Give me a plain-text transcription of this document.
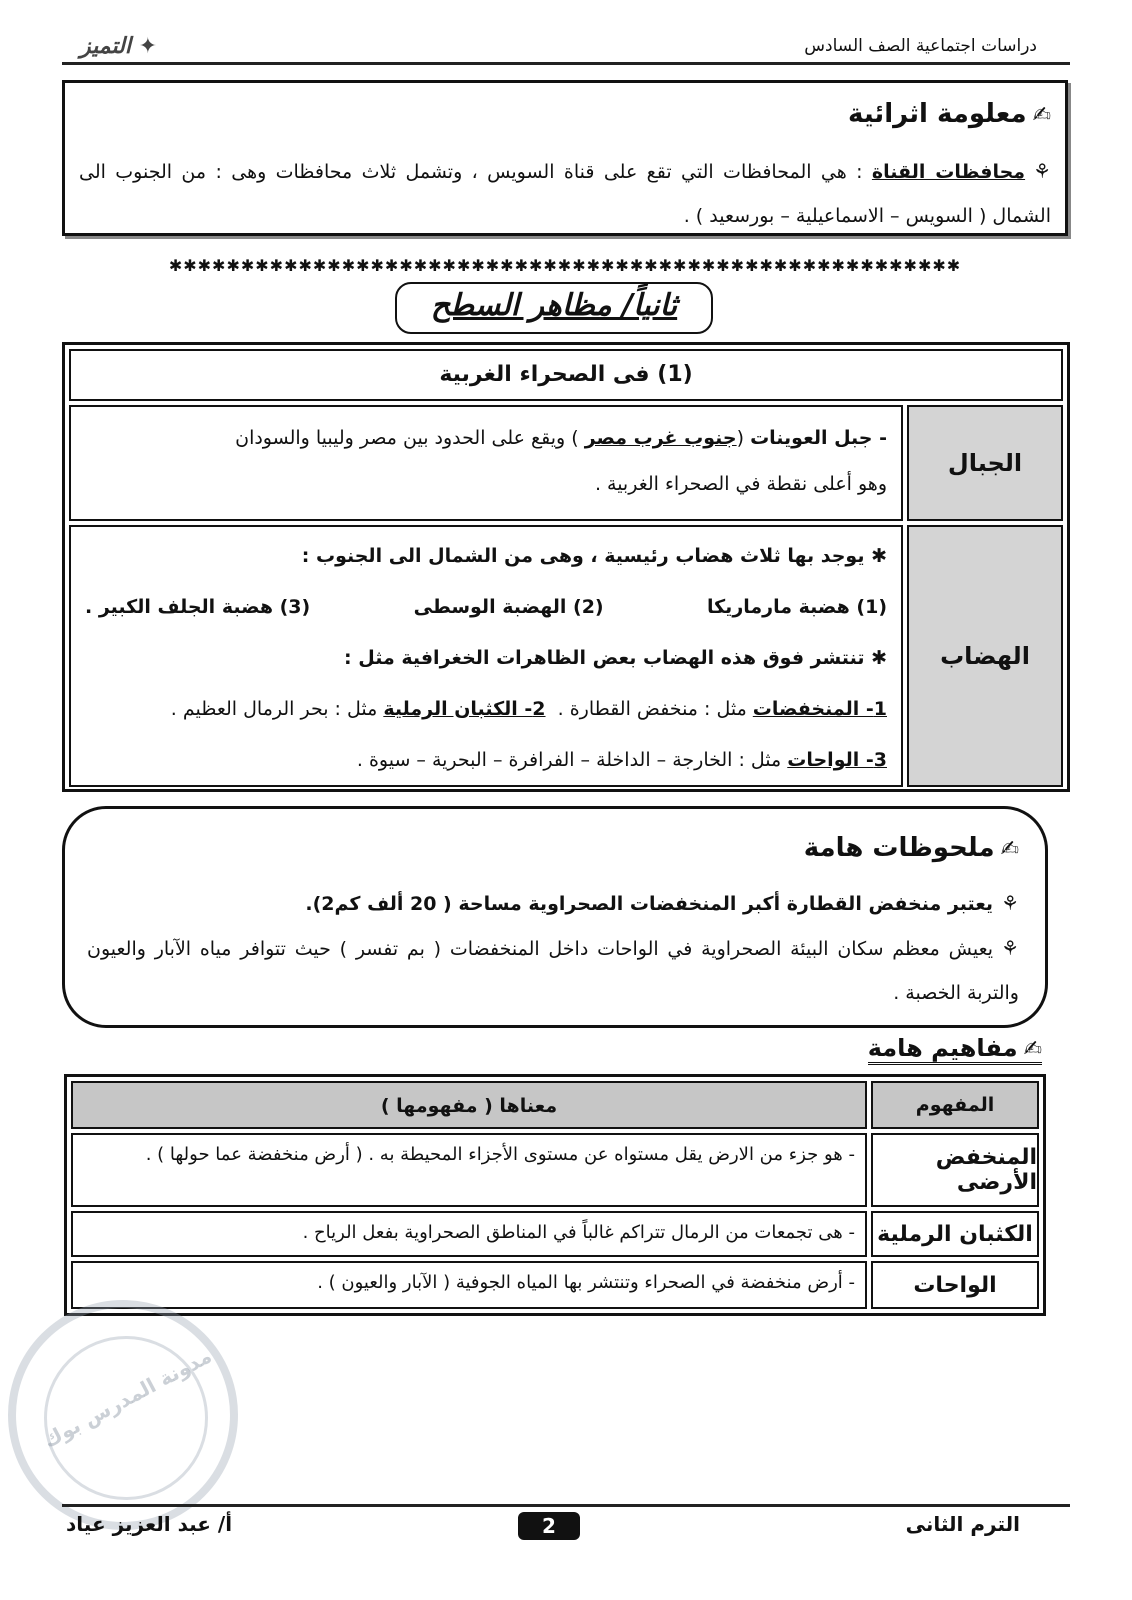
دراسات اجتماعية الصف السادس
✦ التميز
✍معلومة اثرائية
⚘محافظات القناة : هي المحافظات التي تقع على قناة السويس ، وتشمل ثلاث محافظات وهى : من الجنوب الى الشمال ( السويس – الاسماعيلية – بورسعيد ) .
✱✱✱✱✱✱✱✱✱✱✱✱✱✱✱✱✱✱✱✱✱✱✱✱✱✱✱✱✱✱✱✱✱✱✱✱✱✱✱✱✱✱✱✱✱✱✱✱✱✱✱✱✱✱✱
ثانياً/ مظاهر السطح
(1) فى الصحراء الغربية
الجبال
- جبل العوينات (جنوب غرب مصر ) ويقع على الحدود بين مصر وليبيا والسودان
وهو أعلى نقطة في الصحراء الغربية .
الهضاب
✱ يوجد بها ثلاث هضاب رئيسية ، وهى من الشمال الى الجنوب :
(1) هضبة مارماريكا
(2) الهضبة الوسطى
(3) هضبة الجلف الكبير .
✱ تنتشر فوق هذه الهضاب بعض الظاهرات الخغرافية مثل :
1- المنخفضات مثل : منخفض القطارة .  2- الكثبان الرملية مثل : بحر الرمال العظيم .
3- الواحات مثل : الخارجة – الداخلة – الفرافرة – البحرية – سيوة .
✍ملحوظات هامة
⚘يعتبر منخفض القطارة أكبر المنخفضات الصحراوية مساحة ( 20 ألف كم2).
⚘يعيش معظم سكان البيئة الصحراوية في الواحات داخل المنخفضات ( بم تفسر ) حيث تتوافر مياه الآبار والعيون والتربة الخصبة .
✍مفاهيم هامة
المفهوم
معناها ( مفهومها )
المنخفض الأرضى
- هو جزء من الارض يقل مستواه عن مستوى الأجزاء المحيطة به . ( أرض منخفضة عما حولها ) .
الكثبان الرملية
- هى تجمعات من الرمال تتراكم غالباً في المناطق الصحراوية بفعل الرياح .
الواحات
- أرض منخفضة في الصحراء وتنتشر بها المياه الجوفية ( الآبار والعيون ) .
مدونة المدرس بوك
الترم الثانى
2
أ/ عبد العزيز عياد
